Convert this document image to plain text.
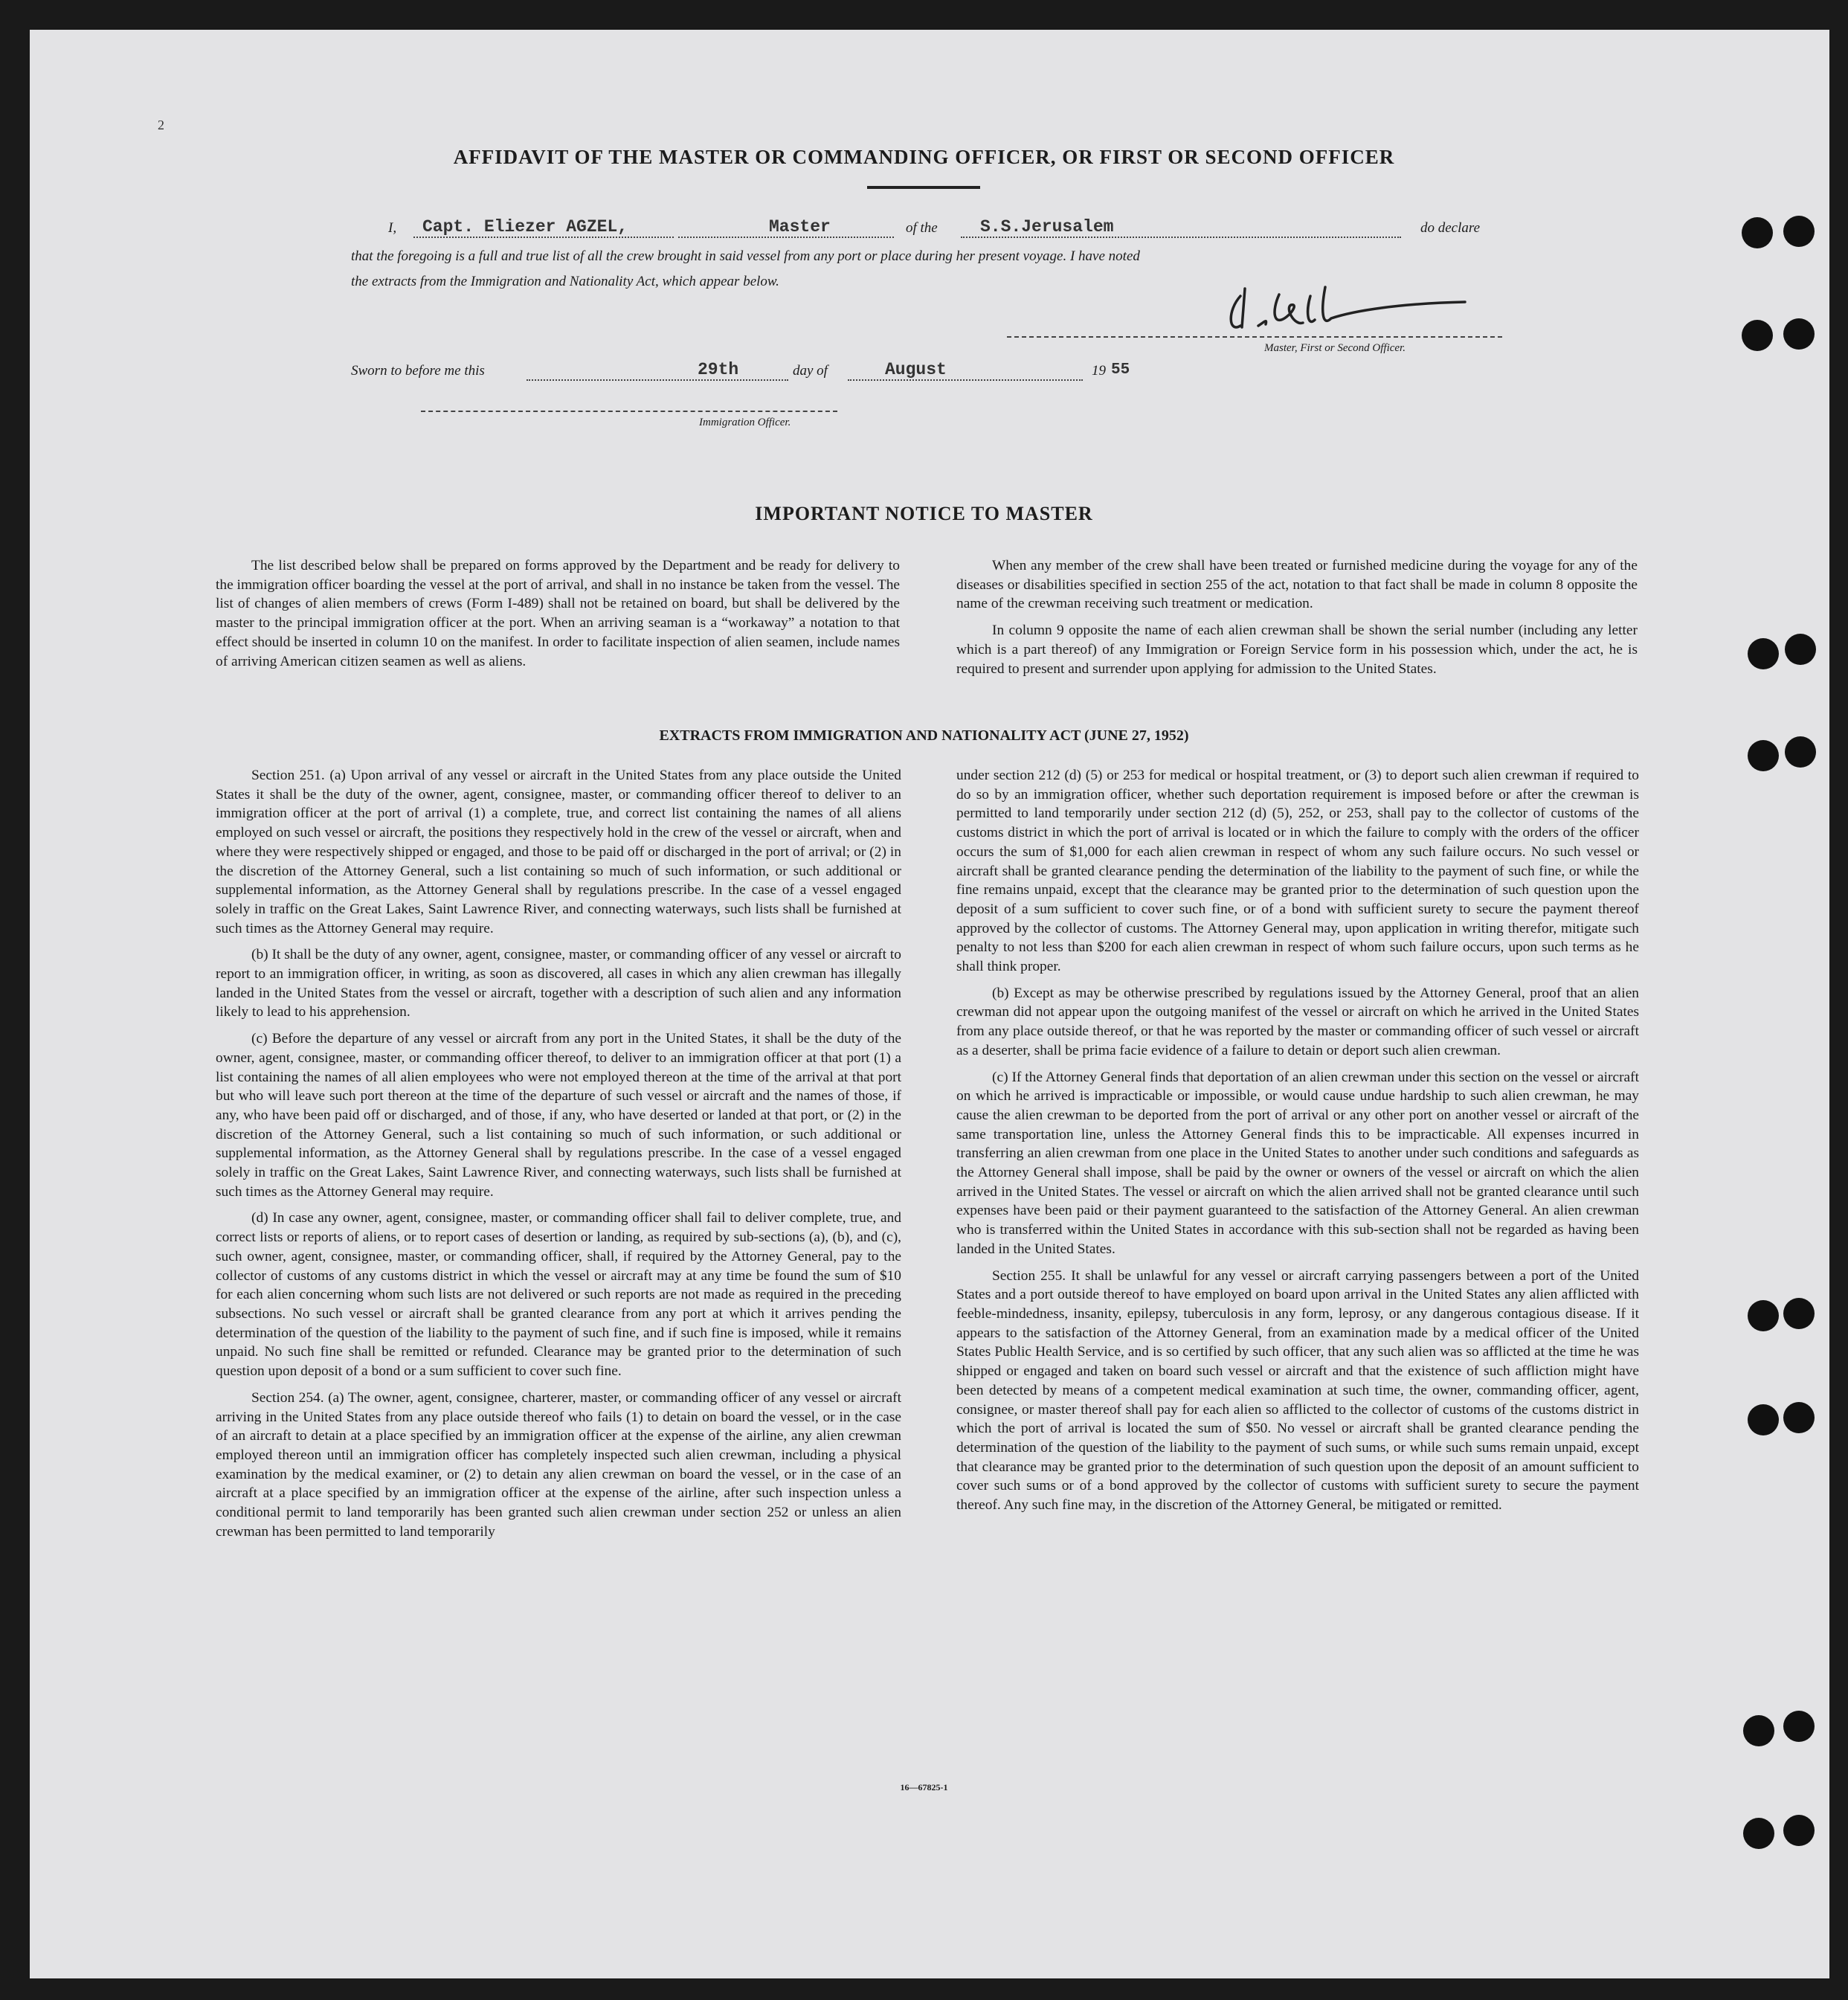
2
AFFIDAVIT OF THE MASTER OR COMMANDING OFFICER, OR FIRST OR SECOND OFFICER
I, Capt. Eliezer AGZEL,	Master	of the S.S.Jerusalem	do declare
that the foregoing is a full and true list of all the crew brought in said vessel from any port or place during her present voyage. I have noted
the extracts from the Immigration and Nationality Act, which appear below.
Master, First or Second Officer.
Sworn to before me this	29th	day of	August	19 55
Immigration Officer.
IMPORTANT NOTICE TO MASTER

The list described below shall be prepared on forms approved by the Department and be ready for delivery to the immigration officer boarding the vessel at the port of arrival, and shall in no instance be taken from the vessel. The list of changes of alien members of crews (Form I-489) shall not be retained on board, but shall be delivered by the master to the principal immigration officer at the port. When an arriving seaman is a “workaway” a notation to that effect should be inserted in column 10 on the manifest. In order to facilitate inspection of alien seamen, include names of arriving American citizen seamen as well as aliens.

When any member of the crew shall have been treated or furnished medicine during the voyage for any of the diseases or disabilities specified in section 255 of the act, notation to that fact shall be made in column 8 opposite the name of the crewman receiving such treatment or medication.

In column 9 opposite the name of each alien crewman shall be shown the serial number (including any letter which is a part thereof) of any Immigration or Foreign Service form in his possession which, under the act, he is required to present and surrender upon applying for admission to the United States.

EXTRACTS FROM IMMIGRATION AND NATIONALITY ACT (JUNE 27, 1952)

Section 251. (a) Upon arrival of any vessel or aircraft in the United States from any place outside the United States it shall be the duty of the owner, agent, consignee, master, or commanding officer thereof to deliver to an immigration officer at the port of arrival (1) a complete, true, and correct list containing the names of all aliens employed on such vessel or aircraft, the positions they respectively hold in the crew of the vessel or aircraft, when and where they were respectively shipped or engaged, and those to be paid off or discharged in the port of arrival; or (2) in the discretion of the Attorney General, such a list containing so much of such information, or such additional or supplemental information, as the Attorney General shall by regulations prescribe. In the case of a vessel engaged solely in traffic on the Great Lakes, Saint Lawrence River, and connecting waterways, such lists shall be furnished at such times as the Attorney General may require.

(b) It shall be the duty of any owner, agent, consignee, master, or commanding officer of any vessel or aircraft to report to an immigration officer, in writing, as soon as discovered, all cases in which any alien crewman has illegally landed in the United States from the vessel or aircraft, together with a description of such alien and any information likely to lead to his apprehension.

(c) Before the departure of any vessel or aircraft from any port in the United States, it shall be the duty of the owner, agent, consignee, master, or commanding officer thereof, to deliver to an immigration officer at that port (1) a list containing the names of all alien employees who were not employed thereon at the time of the arrival at that port but who will leave such port thereon at the time of the departure of such vessel or aircraft and the names of those, if any, who have been paid off or discharged, and of those, if any, who have deserted or landed at that port, or (2) in the discretion of the Attorney General, such a list containing so much of such information, or such additional or supplemental information, as the Attorney General shall by regulations prescribe. In the case of a vessel engaged solely in traffic on the Great Lakes, Saint Lawrence River, and connecting waterways, such lists shall be furnished at such times as the Attorney General may require.

(d) In case any owner, agent, consignee, master, or commanding officer shall fail to deliver complete, true, and correct lists or reports of aliens, or to report cases of desertion or landing, as required by sub-sections (a), (b), and (c), such owner, agent, consignee, master, or commanding officer, shall, if required by the Attorney General, pay to the collector of customs of any customs district in which the vessel or aircraft may at any time be found the sum of $10 for each alien concerning whom such lists are not delivered or such reports are not made as required in the preceding subsections. No such vessel or aircraft shall be granted clearance from any port at which it arrives pending the determination of the question of the liability to the payment of such fine, and if such fine is imposed, while it remains unpaid. No such fine shall be remitted or refunded. Clearance may be granted prior to the determination of such question upon deposit of a bond or a sum sufficient to cover such fine.

Section 254. (a) The owner, agent, consignee, charterer, master, or commanding officer of any vessel or aircraft arriving in the United States from any place outside thereof who fails (1) to detain on board the vessel, or in the case of an aircraft to detain at a place specified by an immigration officer at the expense of the airline, any alien crewman employed thereon until an immigration officer has completely inspected such alien crewman, including a physical examination by the medical examiner, or (2) to detain any alien crewman on board the vessel, or in the case of an aircraft at a place specified by an immigration officer at the expense of the airline, after such inspection unless a conditional permit to land temporarily has been granted such alien crewman under section 252 or unless an alien crewman has been permitted to land temporarily

under section 212 (d) (5) or 253 for medical or hospital treatment, or (3) to deport such alien crewman if required to do so by an immigration officer, whether such deportation requirement is imposed before or after the crewman is permitted to land temporarily under section 212 (d) (5), 252, or 253, shall pay to the collector of customs of the customs district in which the port of arrival is located or in which the failure to comply with the orders of the officer occurs the sum of $1,000 for each alien crewman in respect of whom any such failure occurs. No such vessel or aircraft shall be granted clearance pending the determination of the liability to the payment of such fine, or while the fine remains unpaid, except that the clearance may be granted prior to the determination of such question upon the deposit of a sum sufficient to cover such fine, or of a bond with sufficient surety to secure the payment thereof approved by the collector of customs. The Attorney General may, upon application in writing therefor, mitigate such penalty to not less than $200 for each alien crewman in respect of whom such failure occurs, upon such terms as he shall think proper.

(b) Except as may be otherwise prescribed by regulations issued by the Attorney General, proof that an alien crewman did not appear upon the outgoing manifest of the vessel or aircraft on which he arrived in the United States from any place outside thereof, or that he was reported by the master or commanding officer of such vessel or aircraft as a deserter, shall be prima facie evidence of a failure to detain or deport such alien crewman.

(c) If the Attorney General finds that deportation of an alien crewman under this section on the vessel or aircraft on which he arrived is impracticable or impossible, or would cause undue hardship to such alien crewman, he may cause the alien crewman to be deported from the port of arrival or any other port on another vessel or aircraft of the same transportation line, unless the Attorney General finds this to be impracticable. All expenses incurred in transferring an alien crewman from one place in the United States to another under such conditions and safeguards as the Attorney General shall impose, shall be paid by the owner or owners of the vessel or aircraft on which the alien arrived in the United States. The vessel or aircraft on which the alien arrived shall not be granted clearance until such expenses have been paid or their payment guaranteed to the satisfaction of the Attorney General. An alien crewman who is transferred within the United States in accordance with this sub-section shall not be regarded as having been landed in the United States.

Section 255. It shall be unlawful for any vessel or aircraft carrying passengers between a port of the United States and a port outside thereof to have employed on board upon arrival in the United States any alien afflicted with feeble-mindedness, insanity, epilepsy, tuberculosis in any form, leprosy, or any dangerous contagious disease. If it appears to the satisfaction of the Attorney General, from an examination made by a medical officer of the United States Public Health Service, and is so certified by such officer, that any such alien was so afflicted at the time he was shipped or engaged and taken on board such vessel or aircraft and that the existence of such affliction might have been detected by means of a competent medical examination at such time, the owner, commanding officer, agent, consignee, or master thereof shall pay for each alien so afflicted to the collector of customs of the customs district in which the port of arrival is located the sum of $50. No vessel or aircraft shall be granted clearance pending the determination of the question of the liability to the payment of such sums, or while such sums remain unpaid, except that clearance may be granted prior to the determination of such question upon the deposit of an amount sufficient to cover such sums or of a bond approved by the collector of customs with sufficient surety to secure the payment thereof. Any such fine may, in the discretion of the Attorney General, be mitigated or remitted.

16—67825-1
